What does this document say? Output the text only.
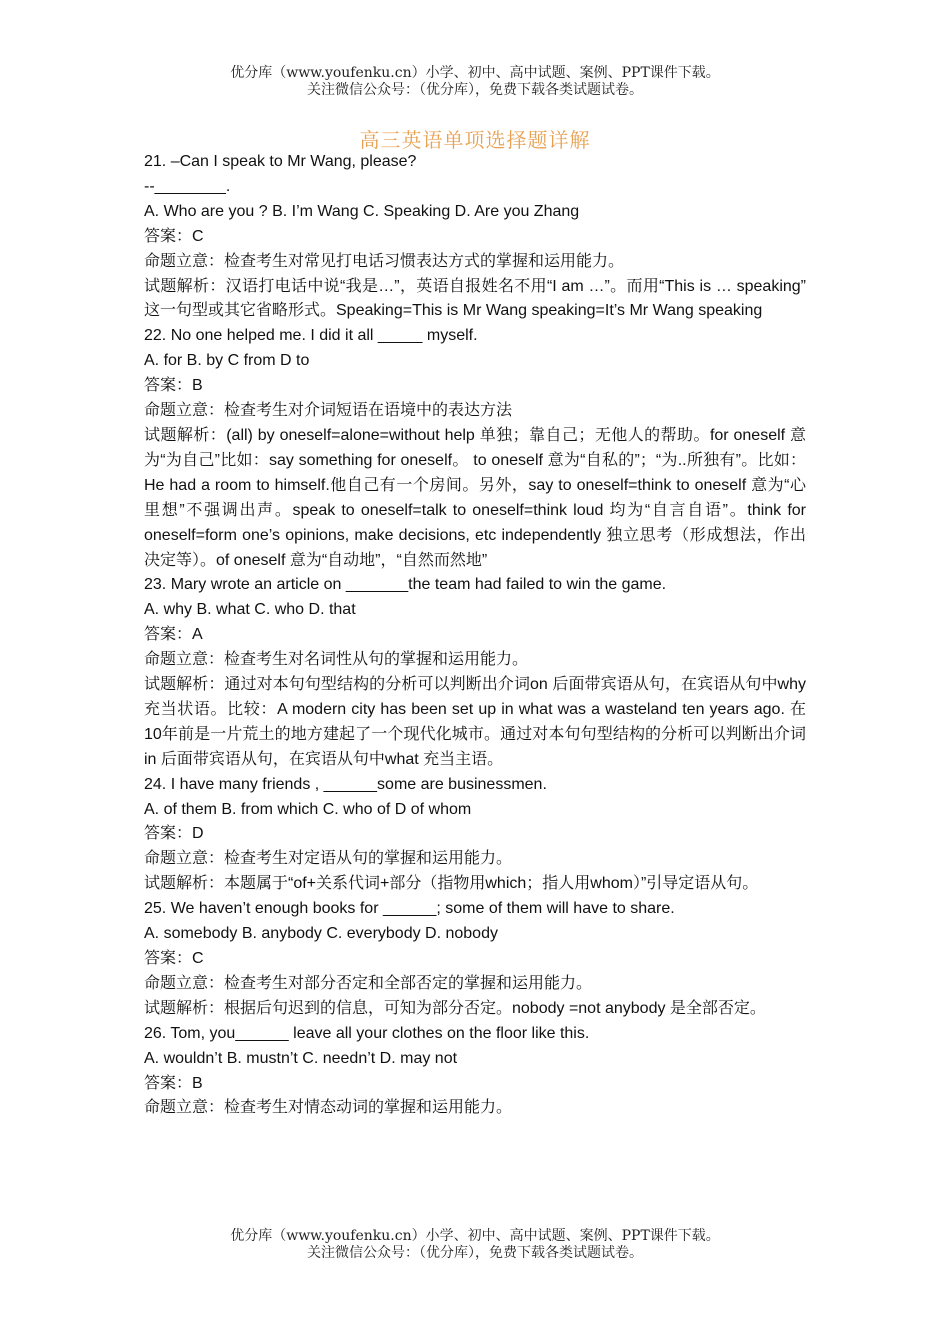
优分库（www.youfenku.cn）小学、初中、高中试题、案例、PPT课件下载。
关注微信公众号：（优分库），免费下载各类试题试卷。
高三英语单项选择题详解

21. –Can I speak to Mr Wang, please?

--________.

A. Who are you ? B. I’m Wang C. Speaking D. Are you Zhang

答案：C

命题立意：检查考生对常见打电话习惯表达方式的掌握和运用能力。

试题解析：汉语打电话中说“我是…”，英语自报姓名不用“I am …”。而用“This is … speaking” 这一句型或其它省略形式。Speaking=This is Mr Wang speaking=It’s Mr Wang speaking

22. No one helped me. I did it all _____ myself.

A. for B. by C from D to

答案：B

命题立意：检查考生对介词短语在语境中的表达方法

试题解析：(all) by oneself=alone=without help 单独；靠自己；无他人的帮助。for oneself 意为“为自己”比如：say something for oneself。 to oneself 意为“自私的”；“为..所独有”。比如：He had a room to himself.他自己有一个房间。另外，say to oneself=think to oneself 意为“心里想”不强调出声。speak to oneself=talk to oneself=think loud 均为“自言自语”。think for oneself=form one’s opinions, make decisions, etc independently 独立思考（形成想法，作出决定等）。of oneself 意为“自动地”，“自然而然地”

23. Mary wrote an article on _______the team had failed to win the game.

A. why B. what C. who D. that

答案：A

命题立意：检查考生对名词性从句的掌握和运用能力。

试题解析：通过对本句句型结构的分析可以判断出介词on 后面带宾语从句，在宾语从句中why 充当状语。比较：A modern city has been set up in what was a wasteland ten years ago. 在10年前是一片荒土的地方建起了一个现代化城市。通过对本句句型结构的分析可以判断出介词in 后面带宾语从句，在宾语从句中what 充当主语。

24. I have many friends , ______some are businessmen.

A. of them B. from which C. who of D of whom

答案：D

命题立意：检查考生对定语从句的掌握和运用能力。

试题解析：本题属于“of+关系代词+部分（指物用which；指人用whom）”引导定语从句。

25. We haven’t enough books for ______; some of them will have to share.

A. somebody B. anybody C. everybody D. nobody

答案：C

命题立意：检查考生对部分否定和全部否定的掌握和运用能力。

试题解析：根据后句迟到的信息，可知为部分否定。nobody =not anybody 是全部否定。

26. Tom, you______ leave all your clothes on the floor like this.

A. wouldn’t B. mustn’t C. needn’t D. may not

答案：B

命题立意：检查考生对情态动词的掌握和运用能力。

优分库（www.youfenku.cn）小学、初中、高中试题、案例、PPT课件下载。
关注微信公众号：（优分库），免费下载各类试题试卷。
